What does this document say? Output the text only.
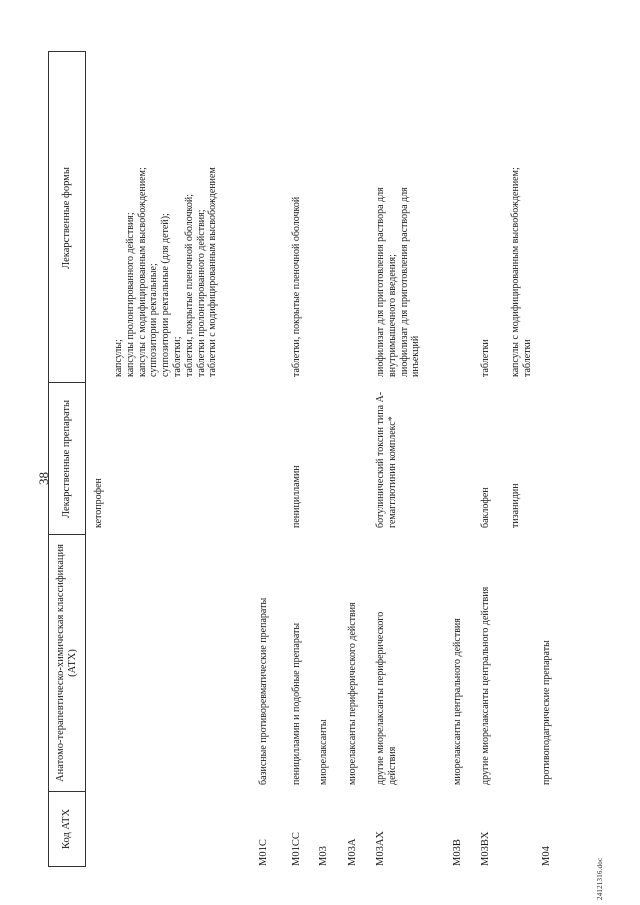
38
Код АТХ
Анатомо-терапевтическо-химическая классификация (АТХ)
Лекарственные препараты
Лекарственные формы
кетопрофен
капсулы; капсулы пролонгированного действия; капсулы с модифицированным высвобождением; суппозитории ректальные; суппозитории ректальные (для детей); таблетки; таблетки, покрытые пленочной оболочкой; таблетки пролонгированного действия; таблетки с модифицированным высвобождением
M01C
базисные противоревматические препараты
M01CC
пеницилламин и подобные препараты
пеницилламин
таблетки, покрытые пленочной оболочкой
M03
миорелаксанты
M03A
миорелаксанты периферического действия
M03AX
другие миорелаксанты периферического действия
ботулинический токсин типа А-гемагглютинин комплекс*
лиофилизат для приготовления раствора для внутримышечного введения; лиофилизат для приготовления раствора для инъекций
M03B
миорелаксанты центрального действия
M03BX
другие миорелаксанты центрального действия
баклофен
таблетки
тизанидин
капсулы с модифицированным высвобождением; таблетки
M04
противоподагрические препараты
24121316.doc
